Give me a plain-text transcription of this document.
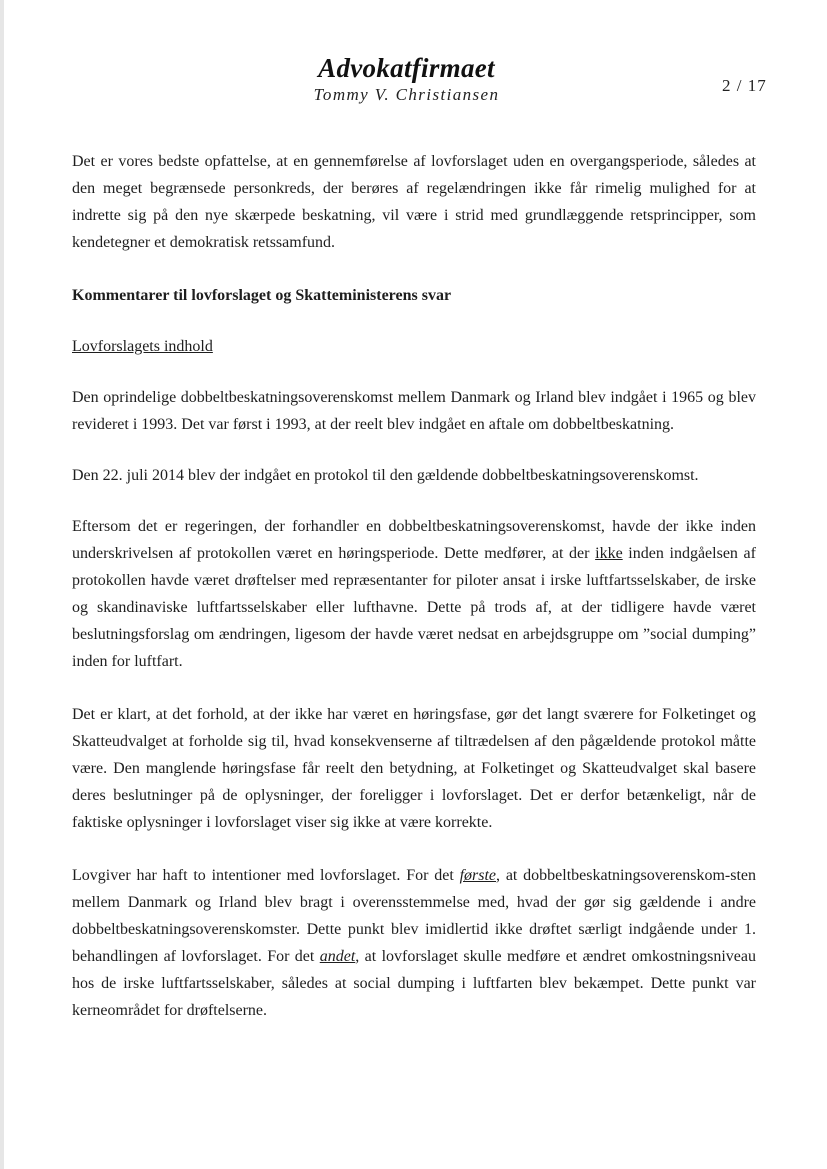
Advokatfirmaet
Tommy V. Christiansen	2 / 17

Det er vores bedste opfattelse, at en gennemførelse af lovforslaget uden en overgangsperiode, således at den meget begrænsede personkreds, der berøres af regelændringen ikke får rimelig mulighed for at indrette sig på den nye skærpede beskatning, vil være i strid med grundlæggende retsprincipper, som kendetegner et demokratisk retssamfund.

Kommentarer til lovforslaget og Skatteministerens svar

Lovforslagets indhold

Den oprindelige dobbeltbeskatningsoverenskomst mellem Danmark og Irland blev indgået i 1965 og blev revideret i 1993. Det var først i 1993, at der reelt blev indgået en aftale om dobbeltbeskatning.

Den 22. juli 2014 blev der indgået en protokol til den gældende dobbeltbeskatningsoverenskomst.

Eftersom det er regeringen, der forhandler en dobbeltbeskatningsoverenskomst, havde der ikke inden underskrivelsen af protokollen været en høringsperiode. Dette medfører, at der ikke inden indgåelsen af protokollen havde været drøftelser med repræsentanter for piloter ansat i irske luftfartsselskaber, de irske og skandinaviske luftfartsselskaber eller lufthavne. Dette på trods af, at der tidligere havde været beslutningsforslag om ændringen, ligesom der havde været nedsat en arbejdsgruppe om ”social dumping” inden for luftfart.

Det er klart, at det forhold, at der ikke har været en høringsfase, gør det langt sværere for Folketinget og Skatteudvalget at forholde sig til, hvad konsekvenserne af tiltrædelsen af den pågældende protokol måtte være. Den manglende høringsfase får reelt den betydning, at Folketinget og Skatteudvalget skal basere deres beslutninger på de oplysninger, der foreligger i lovforslaget. Det er derfor betænkeligt, når de faktiske oplysninger i lovforslaget viser sig ikke at være korrekte.

Lovgiver har haft to intentioner med lovforslaget. For det første, at dobbeltbeskatningsoverenskom-sten mellem Danmark og Irland blev bragt i overensstemmelse med, hvad der gør sig gældende i andre dobbeltbeskatningsoverenskomster. Dette punkt blev imidlertid ikke drøftet særligt indgående under 1. behandlingen af lovforslaget. For det andet, at lovforslaget skulle medføre et ændret omkostningsniveau hos de irske luftfartsselskaber, således at social dumping i luftfarten blev bekæmpet. Dette punkt var kerneområdet for drøftelserne.
